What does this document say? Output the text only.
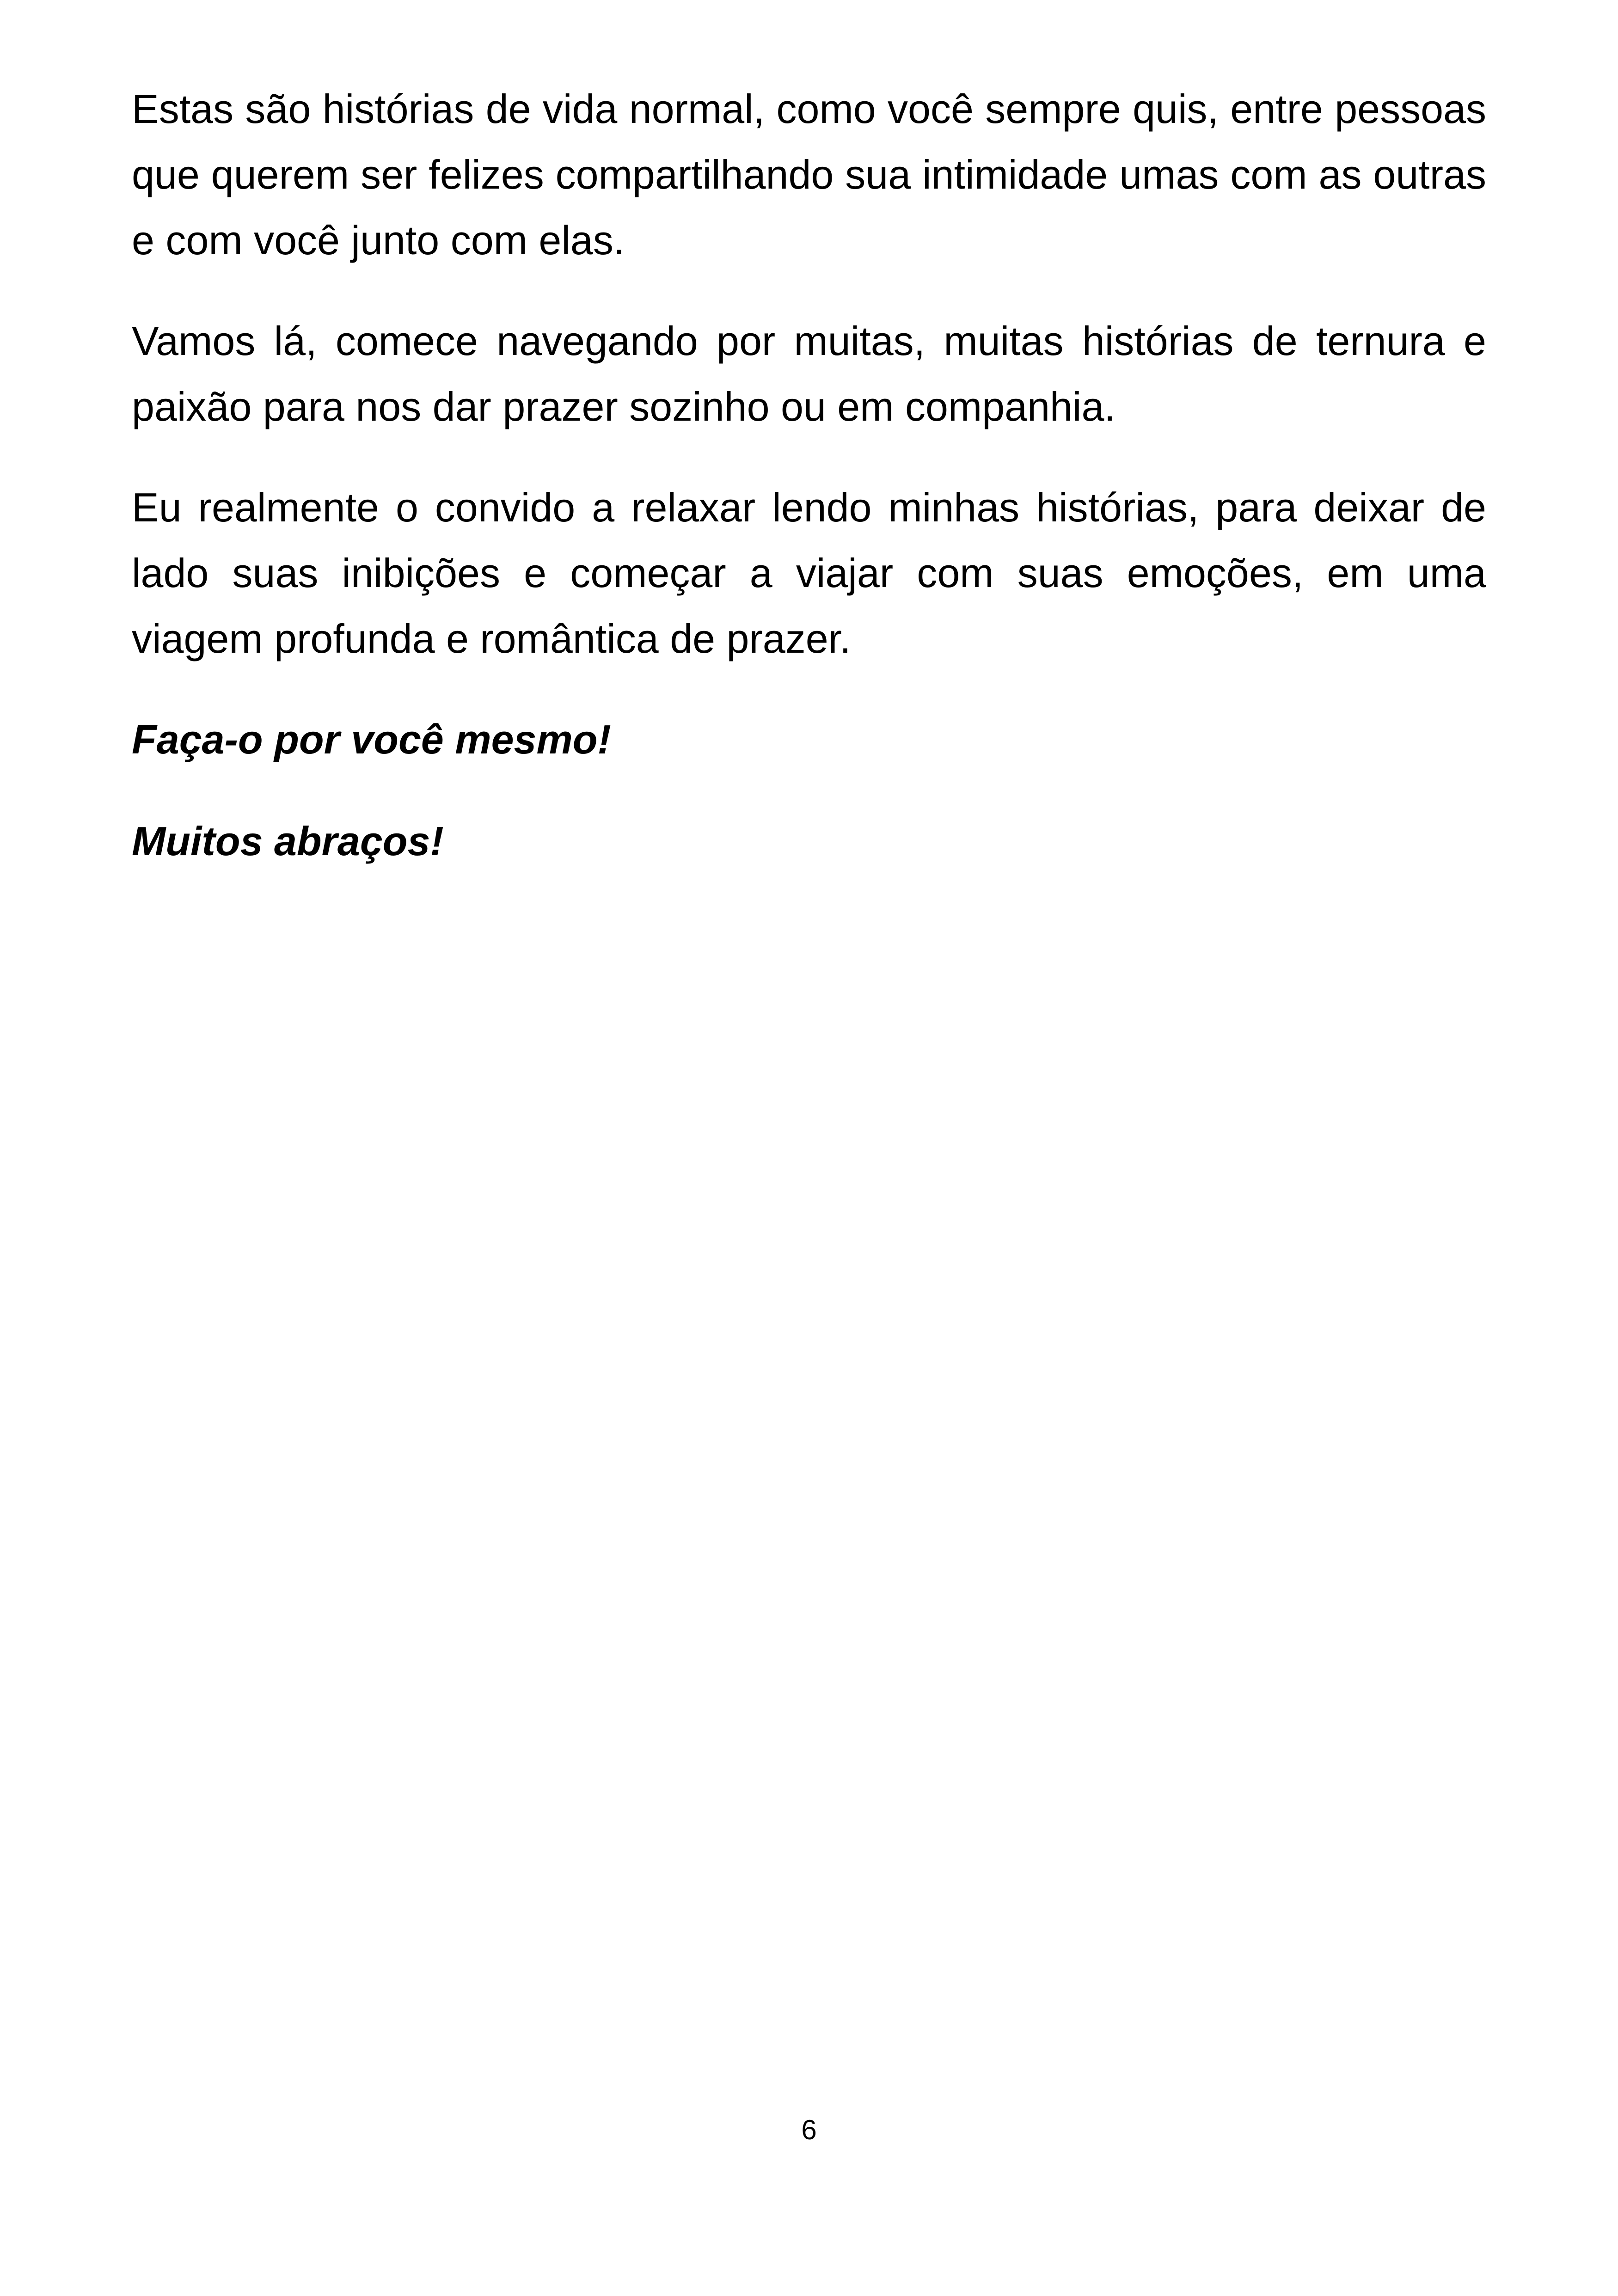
Estas são histórias de vida normal, como você sempre quis, entre pessoas que querem ser felizes compartilhando sua intimidade umas com as outras e com você junto com elas.

Vamos lá, comece navegando por muitas, muitas histórias de ternura e paixão para nos dar prazer sozinho ou em companhia.

Eu realmente o convido a relaxar lendo minhas histórias, para deixar de lado suas inibições e começar a viajar com suas emoções, em uma viagem profunda e romântica de prazer.

Faça-o por você mesmo!

Muitos abraços!

6
